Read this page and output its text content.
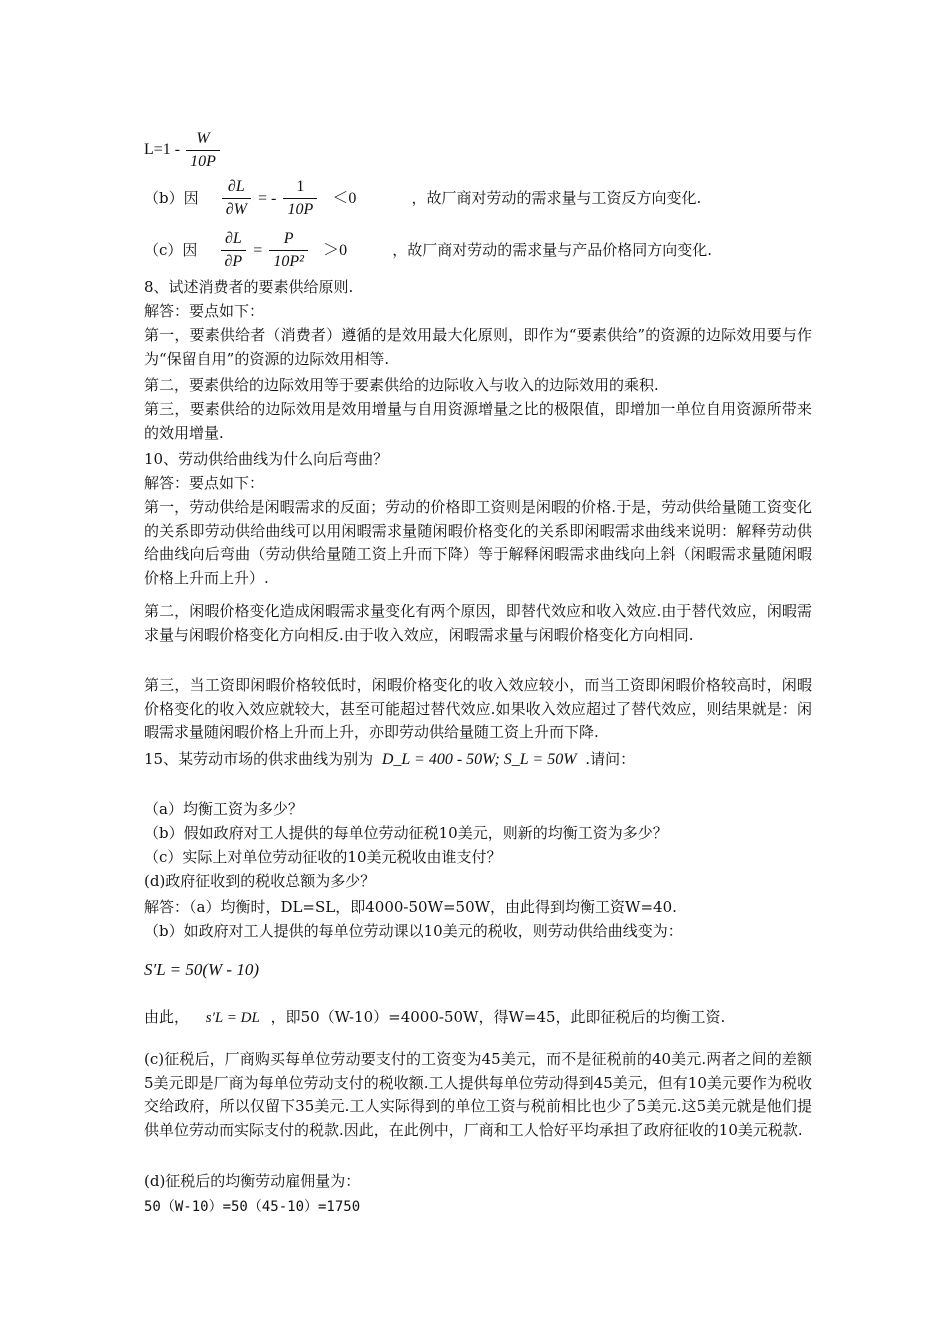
$L=1 - \frac{W}{10P}$
（b）因 $\frac{\partial L}{\partial W}$ = - $\frac{1}{10P} <0$	，故厂商对劳动的需求量与工资反方向变化.
（c）因 $\frac{\partial L}{\partial P} = \frac{P}{\text{10P²}} >0$	，故厂商对劳动的需求量与产品价格同方向变化.
8、试述消费者的要素供给原则.
解答：要点如下：
第一，要素供给者（消费者）遵循的是效用最大化原则，即作为“要素供给”的资源的边际效用要与作为“保留自用”的资源的边际效用相等.
第二，要素供给的边际效用等于要素供给的边际收入与收入的边际效用的乘积.
第三，要素供给的边际效用是效用增量与自用资源增量之比的极限值，即增加一单位自用资源所带来的效用增量.
10、劳动供给曲线为什么向后弯曲？
解答：要点如下：
第一，劳动供给是闲暇需求的反面；劳动的价格即工资则是闲暇的价格.于是，劳动供给量随工资变化的关系即劳动供给曲线可以用闲暇需求量随闲暇价格变化的关系即闲暇需求曲线来说明：解释劳动供给曲线向后弯曲（劳动供给量随工资上升而下降）等于解释闲暇需求曲线向上斜（闲暇需求量随闲暇价格上升而上升）.
第二，闲暇价格变化造成闲暇需求量变化有两个原因，即替代效应和收入效应.由于替代效应，闲暇需求量与闲暇价格变化方向相反.由于收入效应，闲暇需求量与闲暇价格变化方向相同.
第三，当工资即闲暇价格较低时，闲暇价格变化的收入效应较小，而当工资即闲暇价格较高时，闲暇价格变化的收入效应就较大，甚至可能超过替代效应.如果收入效应超过了替代效应，则结果就是：闲暇需求量随闲暇价格上升而上升，亦即劳动供给量随工资上升而下降.
15、某劳动市场的供求曲线为别为 D_L = 400 - 50W; S_L = 50W .请问：
（a）均衡工资为多少？
（b）假如政府对工人提供的每单位劳动征税10美元，则新的均衡工资为多少？
（c）实际上对单位劳动征收的10美元税收由谁支付？
(d)政府征收到的税收总额为多少？
解答：（a）均衡时，DL=SL，即4000-50W=50W，由此得到均衡工资W=40.
（b）如政府对工人提供的每单位劳动课以10美元的税收，则劳动供给曲线变为：
S′L = 50(W - 10)
由此， s′L = DL ，即50（W-10）=4000-50W，得W=45，此即征税后的均衡工资.
(c)征税后，厂商购买每单位劳动要支付的工资变为45美元，而不是征税前的40美元.两者之间的差额5美元即是厂商为每单位劳动支付的税收额.工人提供每单位劳动得到45美元，但有10美元要作为税收交给政府，所以仅留下35美元.工人实际得到的单位工资与税前相比也少了5美元.这5美元就是他们提供单位劳动而实际支付的税款.因此，在此例中，厂商和工人恰好平均承担了政府征收的10美元税款.
(d)征税后的均衡劳动雇佣量为：
50（W-10）=50（45-10）=1750
